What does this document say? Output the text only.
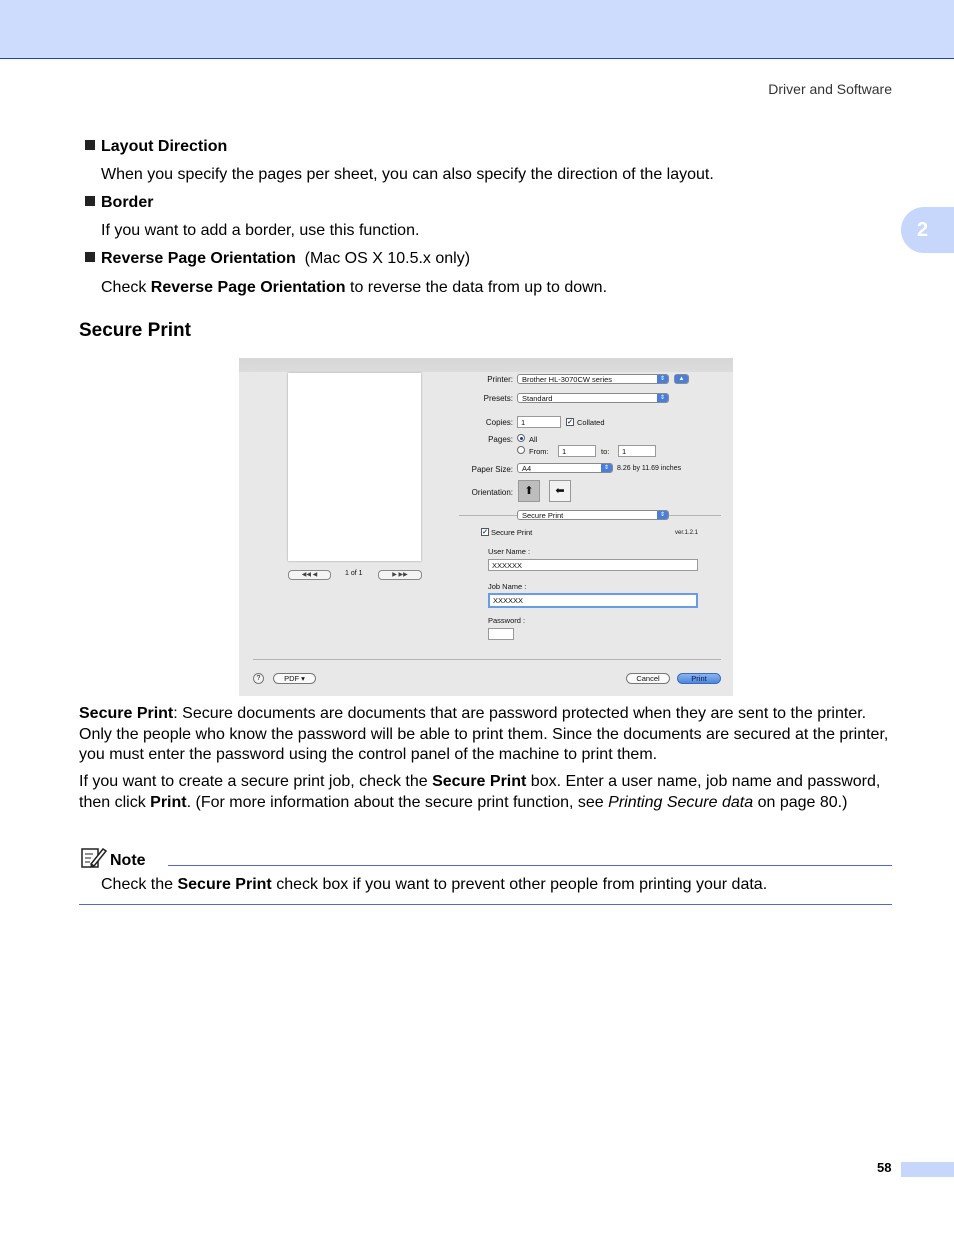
Driver and Software
2
Layout Direction
When you specify the pages per sheet, you can also specify the direction of the layout.
Border
If you want to add a border, use this function.
Reverse Page Orientation (Mac OS X 10.5.x only)
Check Reverse Page Orientation to reverse the data from up to down.
Secure Print
◀◀ ◀	1 of 1	▶ ▶▶
Printer:	Brother HL-3070CW series	⇕	▲
Presets:	Standard	⇕
Copies:	1	✓ Collated
Pages: All
From:	1	to:	1
Paper Size:	A4	⇕	8.26 by 11.69 inches
Orientation:	⬆	⬅
Secure Print	⇕
✓ Secure Print	ver.1.2.1
User Name :
XXXXXX
Job Name :
XXXXXX
Password :
?	PDF ▾	Cancel	Print
Secure Print: Secure documents are documents that are password protected when they are sent to the printer. Only the people who know the password will be able to print them. Since the documents are secured at the printer, you must enter the password using the control panel of the machine to print them.
If you want to create a secure print job, check the Secure Print box. Enter a user name, job name and password, then click Print. (For more information about the secure print function, see Printing Secure data on page 80.)
Note
Check the Secure Print check box if you want to prevent other people from printing your data.
58
